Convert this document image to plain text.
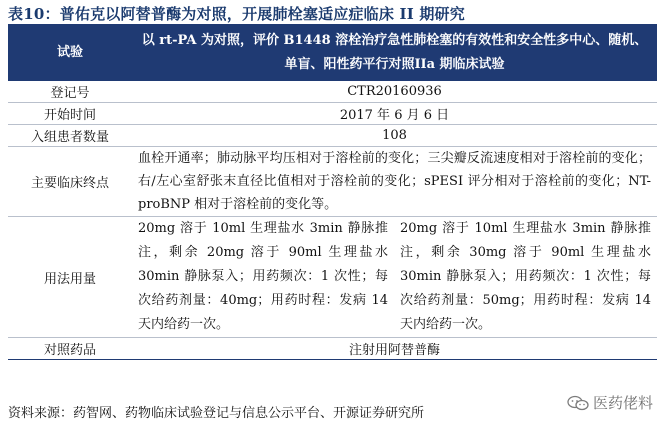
表10：普佑克以阿替普酶为对照，开展肺栓塞适应症临床 II 期研究
试验	以 rt-PA 为对照，评价 B1448 溶栓治疗急性肺栓塞的有效性和安全性多中心、随机、单盲、阳性药平行对照IIa 期临床试验	
登记号	CTR20160936	
开始时间	2017 年 6 月 6 日	
入组患者数量	108	
主要临床终点	血栓开通率；肺动脉平均压相对于溶栓前的变化；三尖瓣反流速度相对于溶栓前的变化；右/左心室舒张末直径比值相对于溶栓前的变化；sPESI 评分相对于溶栓前的变化；NT-proBNP 相对于溶栓前的变化等。	
用法用量	20mg 溶于 10ml 生理盐水 3min 静脉推注，剩余 20mg 溶于 90ml 生理盐水 30min 静脉泵入；用药频次：1 次性；每次给药剂量：40mg；用药时程：发病 14 天内给药一次。	20mg 溶于 10ml 生理盐水 3min 静脉推注，剩余 30mg 溶于 90ml 生理盐水 30min 静脉泵入；用药频次：1 次性；每次给药剂量：50mg；用药时程：发病 14 天内给药一次。
对照药品	注射用阿替普酶	
资料来源：药智网、药物临床试验登记与信息公示平台、开源证券研究所
医药佬料
